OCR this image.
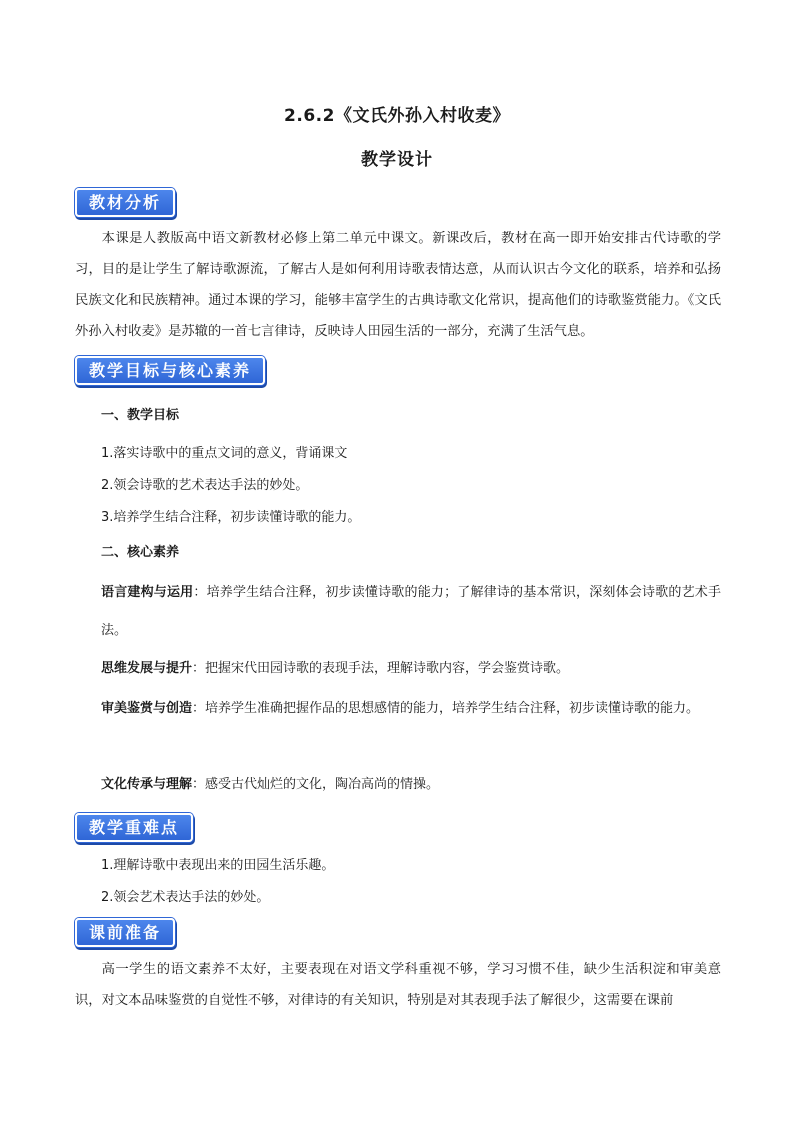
2.6.2《文氏外孙入村收麦》
教学设计
教材分析
本课是人教版高中语文新教材必修上第二单元中课文。新课改后，教材在高一即开始安排古代诗歌的学习，目的是让学生了解诗歌源流，了解古人是如何利用诗歌表情达意，从而认识古今文化的联系，培养和弘扬民族文化和民族精神。通过本课的学习，能够丰富学生的古典诗歌文化常识，提高他们的诗歌鉴赏能力。《文氏外孙入村收麦》是苏辙的一首七言律诗，反映诗人田园生活的一部分，充满了生活气息。
教学目标与核心素养
一、教学目标
1.落实诗歌中的重点文词的意义，背诵课文
2.领会诗歌的艺术表达手法的妙处。
3.培养学生结合注释，初步读懂诗歌的能力。
二、核心素养
语言建构与运用：培养学生结合注释，初步读懂诗歌的能力；了解律诗的基本常识，深刻体会诗歌的艺术手法。
思维发展与提升：把握宋代田园诗歌的表现手法，理解诗歌内容，学会鉴赏诗歌。
审美鉴赏与创造：培养学生准确把握作品的思想感情的能力，培养学生结合注释，初步读懂诗歌的能力。
文化传承与理解：感受古代灿烂的文化，陶冶高尚的情操。
教学重难点
1.理解诗歌中表现出来的田园生活乐趣。
2.领会艺术表达手法的妙处。
课前准备
高一学生的语文素养不太好，主要表现在对语文学科重视不够，学习习惯不佳，缺少生活积淀和审美意识，对文本品味鉴赏的自觉性不够，对律诗的有关知识，特别是对其表现手法了解很少，这需要在课前
